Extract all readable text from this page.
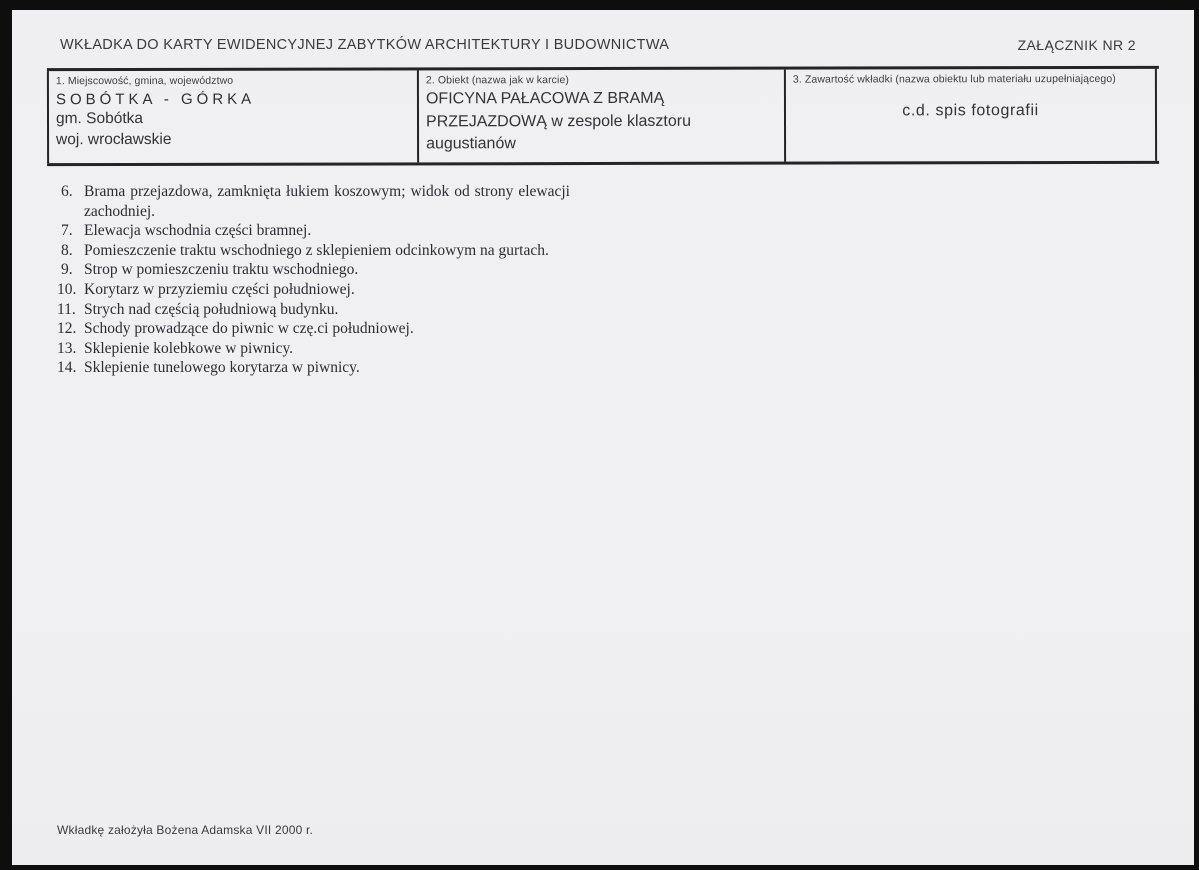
WKŁADKA DO KARTY EWIDENCYJNEJ ZABYTKÓW ARCHITEKTURY I BUDOWNICTWA	ZAŁĄCZNIK NR 2
1. Miejscowość, gmina, województwo
SOBÓTKA - GÓRKA
gm. Sobótka
woj. wrocławskie
2. Obiekt (nazwa jak w karcie)
OFICYNA PAŁACOWA Z BRAMĄ
PRZEJAZDOWĄ w zespole klasztoru
augustianów
3. Zawartość wkładki (nazwa obiektu lub materiału uzupełniającego)
c.d. spis fotografii
6. Brama przejazdowa, zamknięta łukiem koszowym; widok od strony elewacji zachodniej.
7. Elewacja wschodnia części bramnej.
8. Pomieszczenie traktu wschodniego z sklepieniem odcinkowym na gurtach.
9. Strop w pomieszczeniu traktu wschodniego.
10. Korytarz w przyziemiu części południowej.
11. Strych nad częścią południową budynku.
12. Schody prowadzące do piwnic w czę.ci południowej.
13. Sklepienie kolebkowe w piwnicy.
14. Sklepienie tunelowego korytarza w piwnicy.
Wkładkę założyła Bożena Adamska VII 2000 r.
